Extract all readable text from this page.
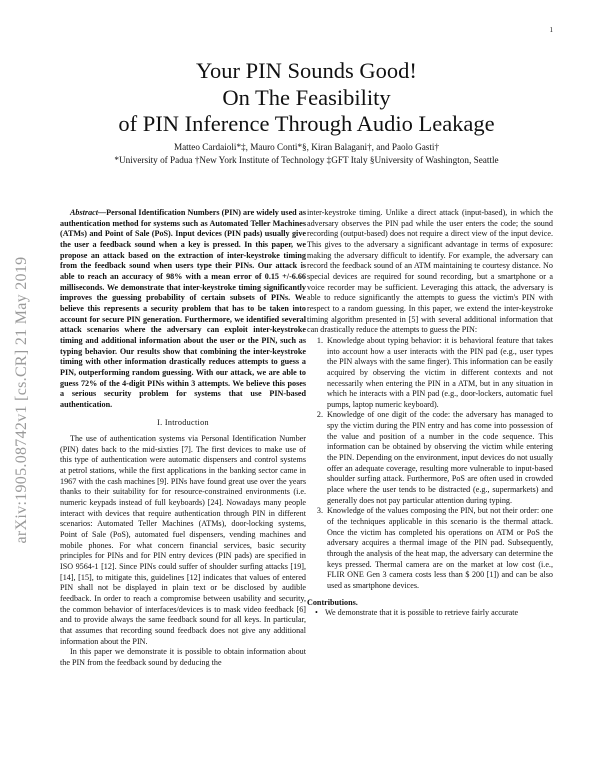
1
arXiv:1905.08742v1 [cs.CR] 21 May 2019
Your PIN Sounds Good!
On The Feasibility
of PIN Inference Through Audio Leakage
Matteo Cardaioli*‡, Mauro Conti*§, Kiran Balagani†, and Paolo Gasti†
*University of Padua †New York Institute of Technology ‡GFT Italy §University of Washington, Seattle

Abstract—Personal Identification Numbers (PIN) are widely used as authentication method for systems such as Automated Teller Machines (ATMs) and Point of Sale (PoS). Input devices (PIN pads) usually give the user a feedback sound when a key is pressed. In this paper, we propose an attack based on the extraction of inter-keystroke timing from the feedback sound when users type their PINs. Our attack is able to reach an accuracy of 98% with a mean error of 0.15 +/-6.66 milliseconds. We demonstrate that inter-keystroke timing significantly improves the guessing probability of certain subsets of PINs. We believe this represents a security problem that has to be taken into account for secure PIN generation. Furthermore, we identified several attack scenarios where the adversary can exploit inter-keystroke timing and additional information about the user or the PIN, such as typing behavior. Our results show that combining the inter-keystroke timing with other information drastically reduces attempts to guess a PIN, outperforming random guessing. With our attack, we are able to guess 72% of the 4-digit PINs within 3 attempts. We believe this poses a serious security problem for systems that use PIN-based authentication.

I. Introduction

The use of authentication systems via Personal Identification Number (PIN) dates back to the mid-sixties [7]. The first devices to make use of this type of authentication were automatic dispensers and control systems at petrol stations, while the first applications in the banking sector came in 1967 with the cash machines [9]. PINs have found great use over the years thanks to their suitability for for resource-constrained environments (i.e. numeric keypads instead of full keyboards) [24]. Nowadays many people interact with devices that require authentication through PIN in different scenarios: Automated Teller Machines (ATMs), door-locking systems, Point of Sale (PoS), automated fuel dispensers, vending machines and mobile phones. For what concern financial services, basic security principles for PINs and for PIN entry devices (PIN pads) are specified in ISO 9564-1 [12]. Since PINs could suffer of shoulder surfing attacks [19], [14], [15], to mitigate this, guidelines [12] indicates that values of entered PIN shall not be displayed in plain text or be disclosed by audible feedback. In order to reach a compromise between usability and security, the common behavior of interfaces/devices is to mask video feedback [6] and to provide always the same feedback sound for all keys. In particular, that assumes that recording sound feedback does not give any additional information about the PIN.

In this paper we demonstrate it is possible to obtain information about the PIN from the feedback sound by deducing the

inter-keystroke timing. Unlike a direct attack (input-based), in which the adversary observes the PIN pad while the user enters the code; the sound recording (output-based) does not require a direct view of the input device. This gives to the adversary a significant advantage in terms of exposure: making the adversary difficult to identify. For example, the adversary can record the feedback sound of an ATM maintaining te courtesy distance. No special devices are required for sound recording, but a smartphone or a voice recorder may be sufficient. Leveraging this attack, the adversary is able to reduce significantly the attempts to guess the victim's PIN with respect to a random guessing. In this paper, we extend the inter-keystroke timing algorithm presented in [5] with several additional information that can drastically reduce the attempts to guess the PIN:

1. Knowledge about typing behavior: it is behavioral feature that takes into account how a user interacts with the PIN pad (e.g., user types the PIN always with the same finger). This information can be easily acquired by observing the victim in different contexts and not necessarily when entering the PIN in a ATM, but in any situation in which he interacts with a PIN pad (e.g., door-lockers, automatic fuel pumps, laptop numeric keyboard).
2. Knowledge of one digit of the code: the adversary has managed to spy the victim during the PIN entry and has come into possession of the value and position of a number in the code sequence. This information can be obtained by observing the victim while entering the PIN. Depending on the environment, input devices do not usually offer an adequate coverage, resulting more vulnerable to input-based shoulder surfing attack. Furthermore, PoS are often used in crowded place where the user tends to be distracted (e.g., supermarkets) and generally does not pay particular attention during typing.
3. Knowledge of the values composing the PIN, but not their order: one of the techniques applicable in this scenario is the thermal attack. Once the victim has completed his operations on ATM or PoS the adversary acquires a thermal image of the PIN pad. Subsequently, through the analysis of the heat map, the adversary can determine the keys pressed. Thermal camera are on the market at low cost (i.e., FLIR ONE Gen 3 camera costs less than $ 200 [1]) and can be also used as smartphone devices.
Contributions.
• We demonstrate that it is possible to retrieve fairly accurate
